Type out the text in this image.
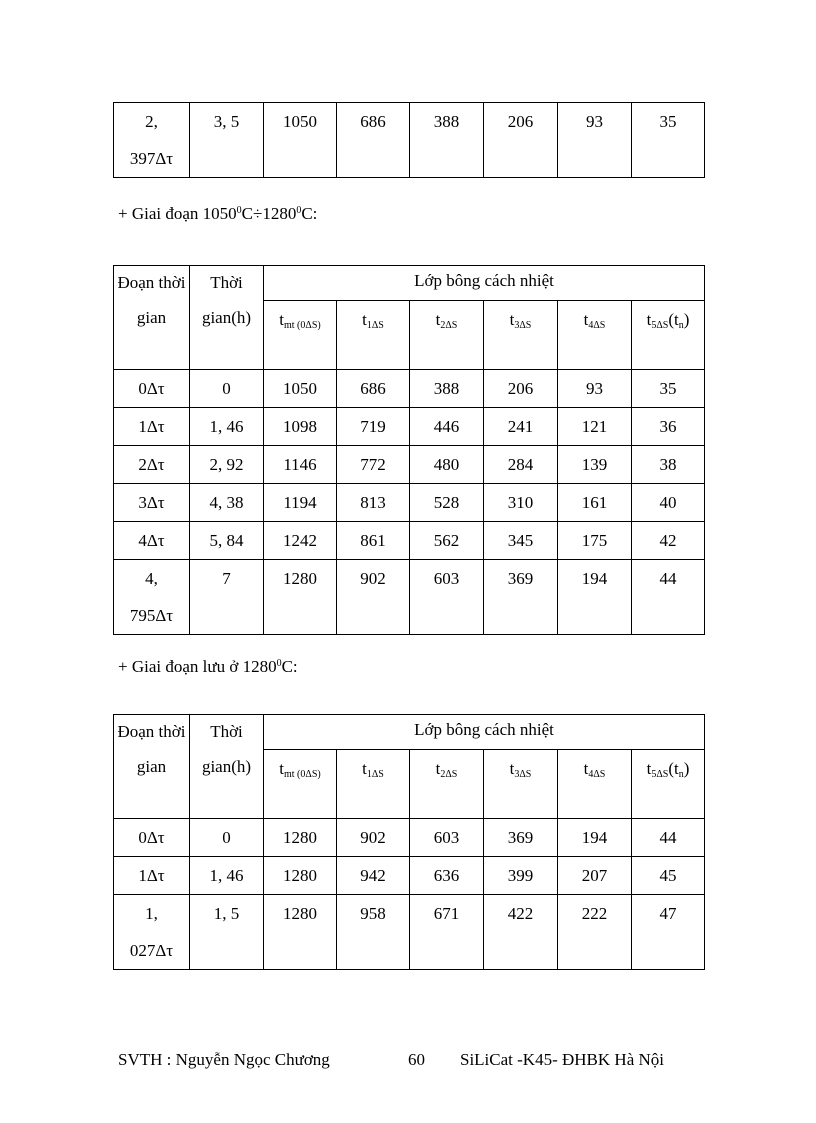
2,
397Δτ	3, 5	1050	686	388	206	93	35
+ Giai đoạn $1050^0C\div 1280^0C$:
Đoạn thời gian	Thời gian(h)	Lớp bông cách nhiệt					
		$t_{mt (0\Delta S)}$	$t_{1\Delta S}$	$t_{2\Delta S}$	$t_{3\Delta S}$	$t_{4\Delta S}$	$t_{5\Delta S}(t_n)$
0Δτ	0	1050	686	388	206	93	35
1Δτ	1, 46	1098	719	446	241	121	36
2Δτ	2, 92	1146	772	480	284	139	38
3Δτ	4, 38	1194	813	528	310	161	40
4Δτ	5, 84	1242	861	562	345	175	42
4,
795Δτ	7	1280	902	603	369	194	44
+ Giai đoạn lưu ở 1280$^0$C:
Đoạn thời gian	Thời gian(h)	Lớp bông cách nhiệt					
		$t_{mt (0\Delta S)}$	$t_{1\Delta S}$	$t_{2\Delta S}$	$t_{3\Delta S}$	$t_{4\Delta S}$	$t_{5\Delta S}(t_n)$
0Δτ	0	1280	902	603	369	194	44
1Δτ	1, 46	1280	942	636	399	207	45
1,
027Δτ	1, 5	1280	958	671	422	222	47
SVTH : Nguyễn Ngọc Chương	60 SiLiCat -K45- ĐHBK Hà Nội
